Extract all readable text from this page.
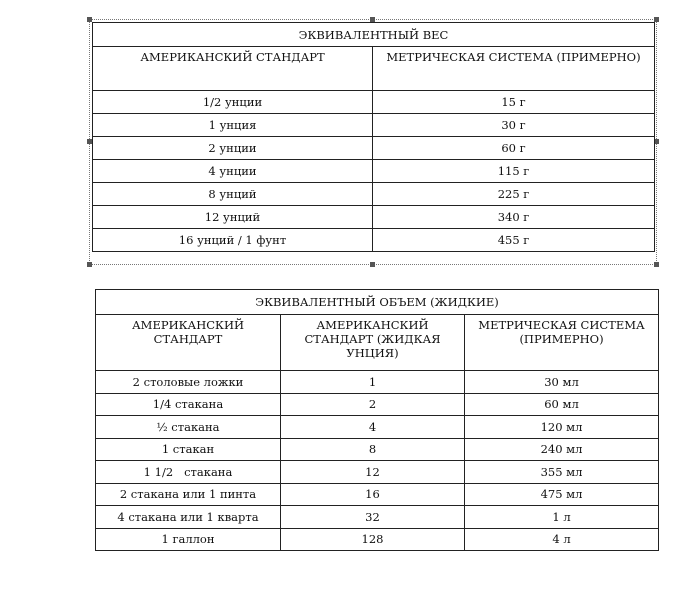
ЭКВИВАЛЕНТНЫЙ ВЕС	
АМЕРИКАНСКИЙ СТАНДАРТ	МЕТРИЧЕСКАЯ СИСТЕМА (ПРИМЕРНО)
1/2 унции	15 г
1 унция	30 г
2 унции	60 г
4 унции	115 г
8 унций	225 г
12 унций	340 г
16 унций / 1 фунт	455 г
ЭКВИВАЛЕНТНЫЙ ОБЪЕМ (ЖИДКИЕ)		
АМЕРИКАНСКИЙ СТАНДАРТ	АМЕРИКАНСКИЙ СТАНДАРТ (ЖИДКАЯ УНЦИЯ)	МЕТРИЧЕСКАЯ СИСТЕМА (ПРИМЕРНО)
2 столовые ложки	1	30 мл
1/4 стакана	2	60 мл
½ стакана	4	120 мл
1 стакан	8	240 мл
1 1/2   стакана	12	355 мл
2 стакана или 1 пинта	16	475 мл
4 стакана или 1 кварта	32	1 л
1 галлон	128	4 л
